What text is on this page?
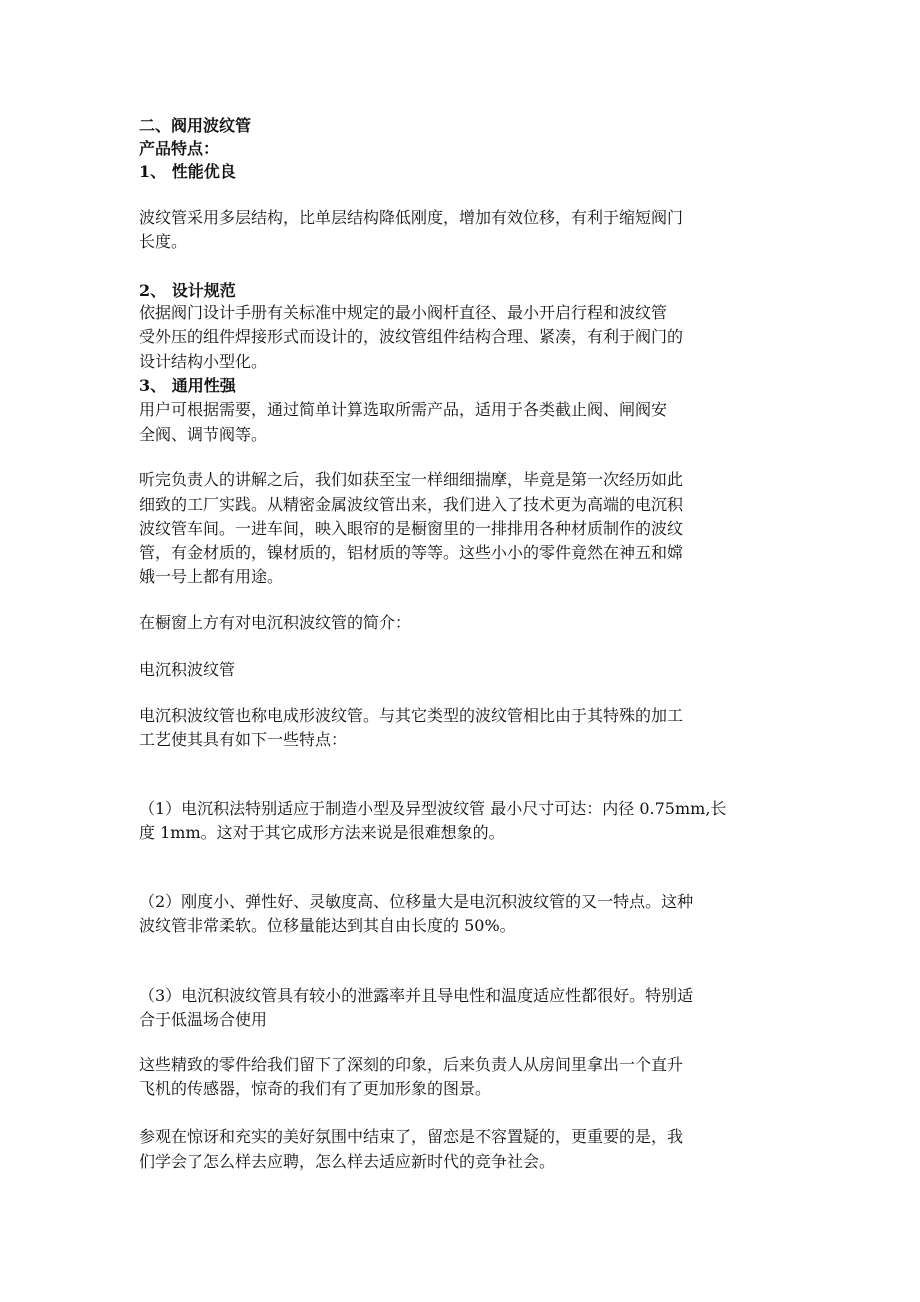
二、阀用波纹管
产品特点：
1、 性能优良
波纹管采用多层结构，比单层结构降低刚度，增加有效位移，有利于缩短阀门
长度。
2、 设计规范
依据阀门设计手册有关标准中规定的最小阀杆直径、最小开启行程和波纹管
受外压的组件焊接形式而设计的，波纹管组件结构合理、紧凑，有利于阀门的
设计结构小型化。
3、 通用性强
用户可根据需要，通过简单计算选取所需产品，适用于各类截止阀、闸阀安
全阀、调节阀等。
听完负责人的讲解之后，我们如获至宝一样细细揣摩，毕竟是第一次经历如此
细致的工厂实践。从精密金属波纹管出来，我们进入了技术更为高端的电沉积
波纹管车间。一进车间，映入眼帘的是橱窗里的一排排用各种材质制作的波纹
管，有金材质的，镍材质的，铝材质的等等。这些小小的零件竟然在神五和嫦
娥一号上都有用途。
在橱窗上方有对电沉积波纹管的简介：
电沉积波纹管
电沉积波纹管也称电成形波纹管。与其它类型的波纹管相比由于其特殊的加工
工艺使其具有如下一些特点：
（1）电沉积法特别适应于制造小型及异型波纹管 最小尺寸可达：内径 0.75mm,长
度 1mm。这对于其它成形方法来说是很难想象的。
（2）刚度小、弹性好、灵敏度高、位移量大是电沉积波纹管的又一特点。这种
波纹管非常柔软。位移量能达到其自由长度的 50%。
（3）电沉积波纹管具有较小的泄露率并且导电性和温度适应性都很好。特别适
合于低温场合使用
这些精致的零件给我们留下了深刻的印象，后来负责人从房间里拿出一个直升
飞机的传感器，惊奇的我们有了更加形象的图景。
参观在惊讶和充实的美好氛围中结束了，留恋是不容置疑的，更重要的是，我
们学会了怎么样去应聘，怎么样去适应新时代的竞争社会。
